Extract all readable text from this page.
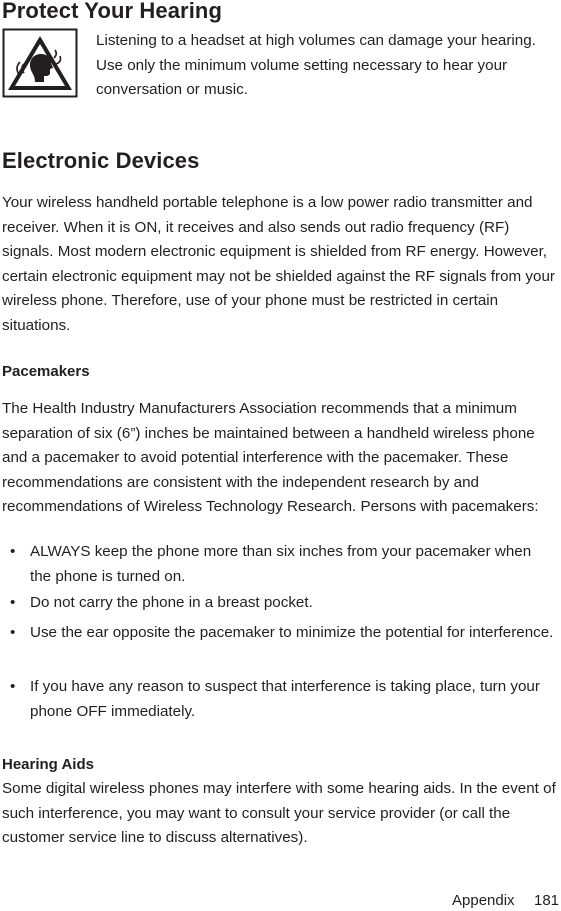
Protect Your Hearing
Listening to a headset at high volumes can damage your hearing. Use only the minimum volume setting necessary to hear your conversation or music.
Electronic Devices
Your wireless handheld portable telephone is a low power radio transmitter and receiver. When it is ON, it receives and also sends out radio frequency (RF) signals. Most modern electronic equipment is shielded from RF energy. However, certain electronic equipment may not be shielded against the RF signals from your wireless phone. Therefore, use of your phone must be restricted in certain situations.
Pacemakers
The Health Industry Manufacturers Association recommends that a minimum separation of six (6”) inches be maintained between a handheld wireless phone and a pacemaker to avoid potential interference with the pacemaker. These recommendations are consistent with the independent research by and recommendations of Wireless Technology Research. Persons with pacemakers:
• ALWAYS keep the phone more than six inches from your pacemaker when the phone is turned on.
• Do not carry the phone in a breast pocket.
• Use the ear opposite the pacemaker to minimize the potential for interference.
• If you have any reason to suspect that interference is taking place, turn your phone OFF immediately.
Hearing Aids
Some digital wireless phones may interfere with some hearing aids. In the event of such interference, you may want to consult your service provider (or call the customer service line to discuss alternatives).
Appendix 181
